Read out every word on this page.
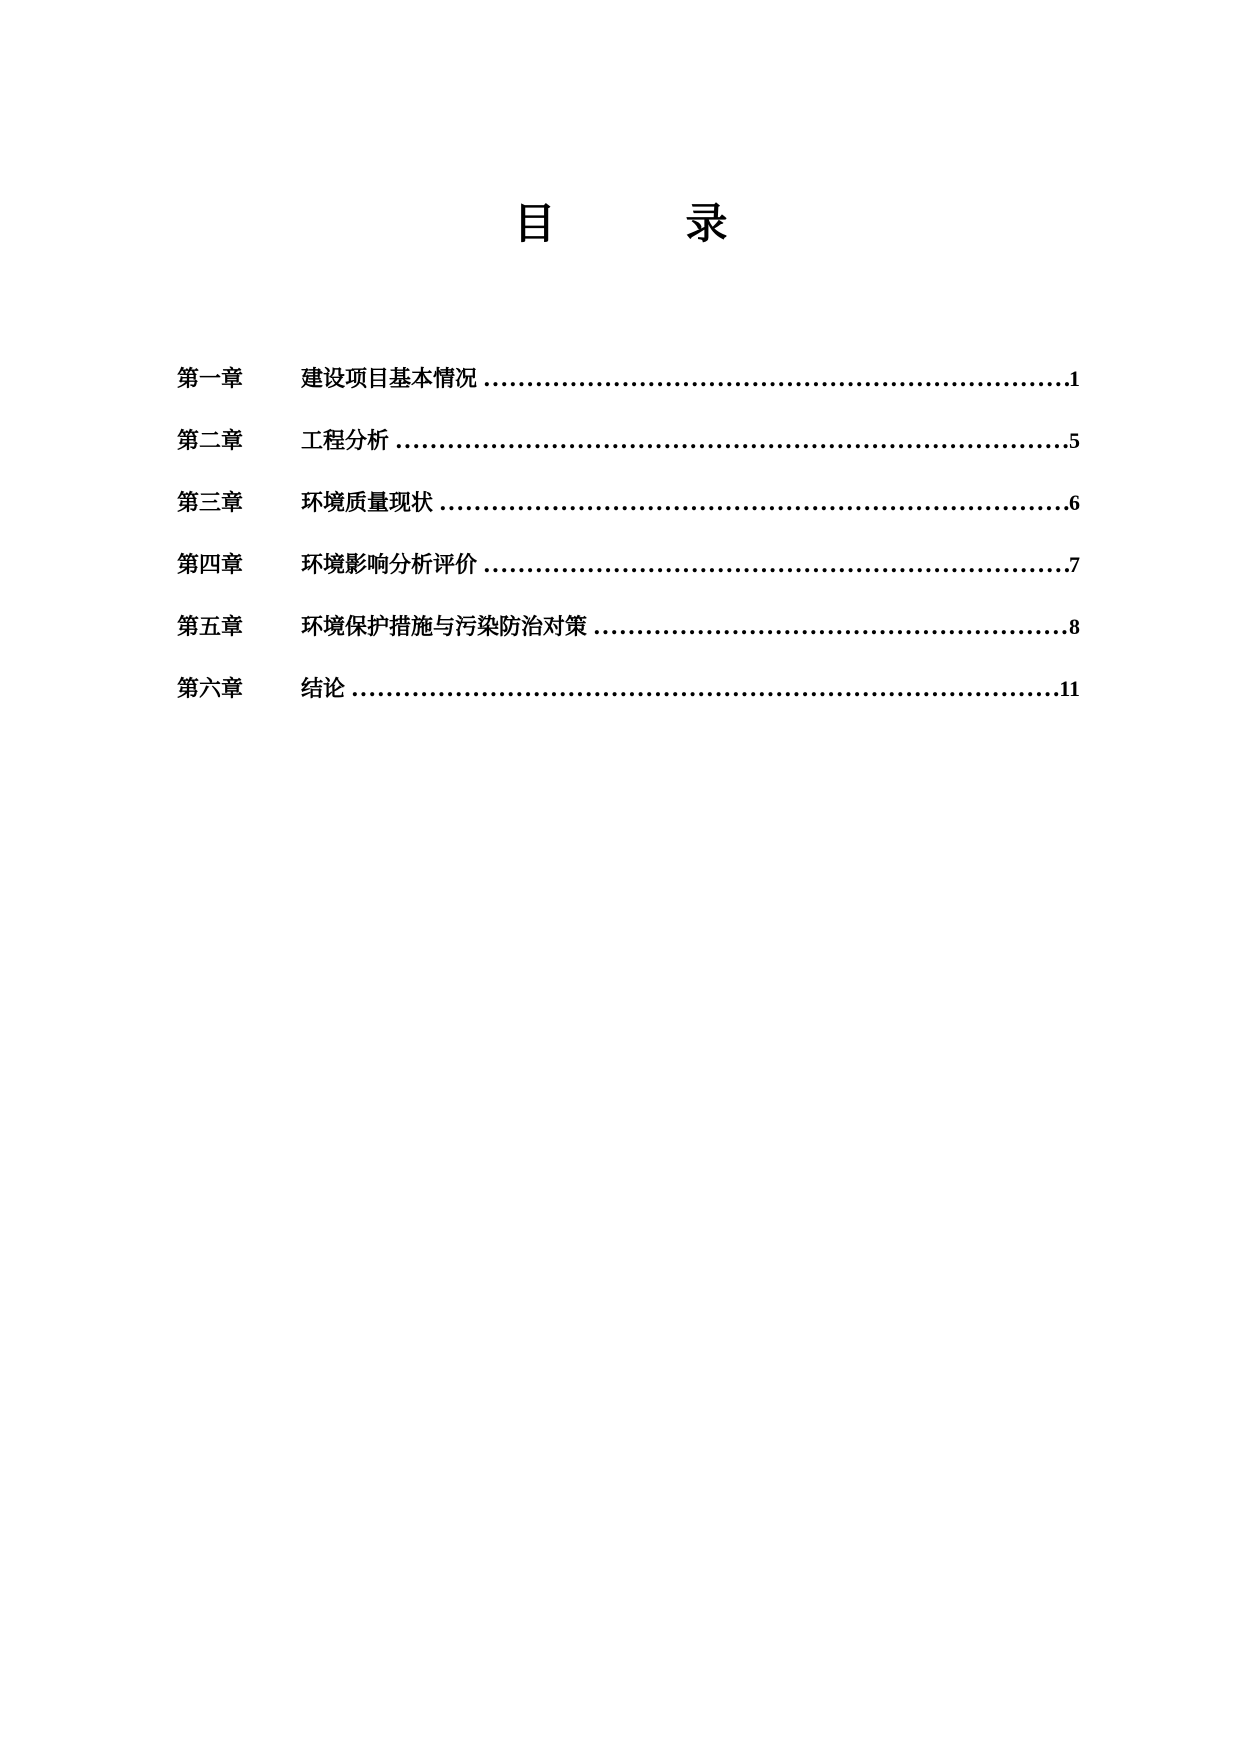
目　录
第一章	建设项目基本情况 .....	1
第二章	工程分析 .....	5
第三章	环境质量现状 .....	6
第四章	环境影响分析评价 .....	7
第五章	环境保护措施与污染防治对策 .....	8
第六章	结论 .....	11
